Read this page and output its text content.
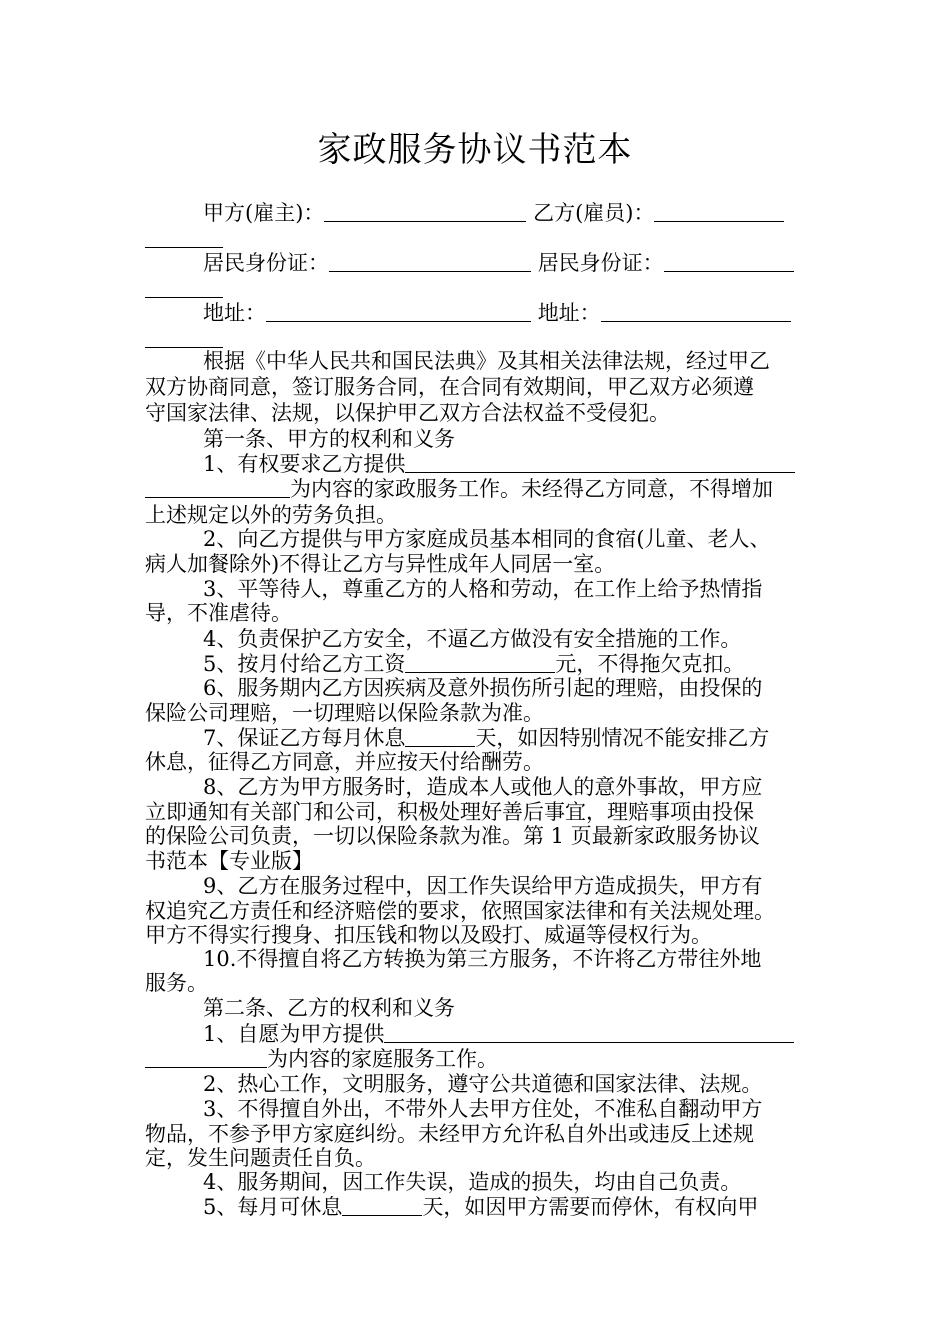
家政服务协议书范本
甲方(雇主)：	乙方(雇员)：
居民身份证：	居民身份证：
地址：	地址：
根据《中华人民共和国民法典》及其相关法律法规，经过甲乙
双方协商同意，签订服务合同，在合同有效期间，甲乙双方必须遵
守国家法律、法规，以保护甲乙双方合法权益不受侵犯。
第一条、甲方的权利和义务
1、有权要求乙方提供
为内容的家政服务工作。未经得乙方同意，不得增加
上述规定以外的劳务负担。
2、向乙方提供与甲方家庭成员基本相同的食宿(儿童、老人、
病人加餐除外)不得让乙方与异性成年人同居一室。
3、平等待人，尊重乙方的人格和劳动，在工作上给予热情指
导，不准虐待。
4、负责保护乙方安全，不逼乙方做没有安全措施的工作。
5、按月付给乙方工资	元，不得拖欠克扣。
6、服务期内乙方因疾病及意外损伤所引起的理赔，由投保的
保险公司理赔，一切理赔以保险条款为准。
7、保证乙方每月休息	天，如因特别情况不能安排乙方
休息，征得乙方同意，并应按天付给酬劳。
8、乙方为甲方服务时，造成本人或他人的意外事故，甲方应
立即通知有关部门和公司，积极处理好善后事宜，理赔事项由投保
的保险公司负责，一切以保险条款为准。第 1 页最新家政服务协议
书范本【专业版】
9、乙方在服务过程中，因工作失误给甲方造成损失，甲方有
权追究乙方责任和经济赔偿的要求，依照国家法律和有关法规处理。
甲方不得实行搜身、扣压钱和物以及殴打、威逼等侵权行为。
10.不得擅自将乙方转换为第三方服务，不许将乙方带往外地
服务。
第二条、乙方的权利和义务
1、自愿为甲方提供
为内容的家庭服务工作。
2、热心工作，文明服务，遵守公共道德和国家法律、法规。
3、不得擅自外出，不带外人去甲方住处，不准私自翻动甲方
物品，不参予甲方家庭纠纷。未经甲方允许私自外出或违反上述规
定，发生问题责任自负。
4、服务期间，因工作失误，造成的损失，均由自己负责。
5、每月可休息	天，如因甲方需要而停休，有权向甲
